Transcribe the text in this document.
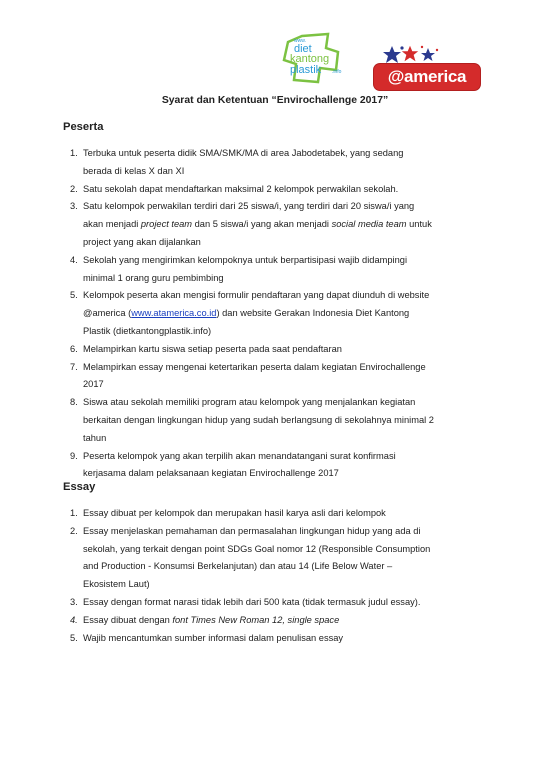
www.
diet
kantong
plastik .info	@america
Syarat dan Ketentuan “Envirochallenge 2017”
Peserta
1. Terbuka untuk peserta didik SMA/SMK/MA di area Jabodetabek, yang sedang
berada di kelas X dan XI
2. Satu sekolah dapat mendaftarkan maksimal 2 kelompok perwakilan sekolah.
3. Satu kelompok perwakilan terdiri dari 25 siswa/i, yang terdiri dari 20 siswa/i yang
akan menjadi project team dan 5 siswa/i yang akan menjadi social media team untuk
project yang akan dijalankan
4. Sekolah yang mengirimkan kelompoknya untuk berpartisipasi wajib didampingi
minimal 1 orang guru pembimbing
5. Kelompok peserta akan mengisi formulir pendaftaran yang dapat diunduh di website
@america (www.atamerica.co.id) dan website Gerakan Indonesia Diet Kantong
Plastik (dietkantongplastik.info)
6. Melampirkan kartu siswa setiap peserta pada saat pendaftaran
7. Melampirkan essay mengenai ketertarikan peserta dalam kegiatan Envirochallenge
2017
8. Siswa atau sekolah memiliki program atau kelompok yang menjalankan kegiatan
berkaitan dengan lingkungan hidup yang sudah berlangsung di sekolahnya minimal 2
tahun
9. Peserta kelompok yang akan terpilih akan menandatangani surat konfirmasi
kerjasama dalam pelaksanaan kegiatan Envirochallenge 2017
Essay
1. Essay dibuat per kelompok dan merupakan hasil karya asli dari kelompok
2. Essay menjelaskan pemahaman dan permasalahan lingkungan hidup yang ada di
sekolah, yang terkait dengan point SDGs Goal nomor 12 (Responsible Consumption
and Production - Konsumsi Berkelanjutan) dan atau 14 (Life Below Water –
Ekosistem Laut)
3. Essay dengan format narasi tidak lebih dari 500 kata (tidak termasuk judul essay).
4. Essay dibuat dengan font Times New Roman 12, single space
5. Wajib mencantumkan sumber informasi dalam penulisan essay
